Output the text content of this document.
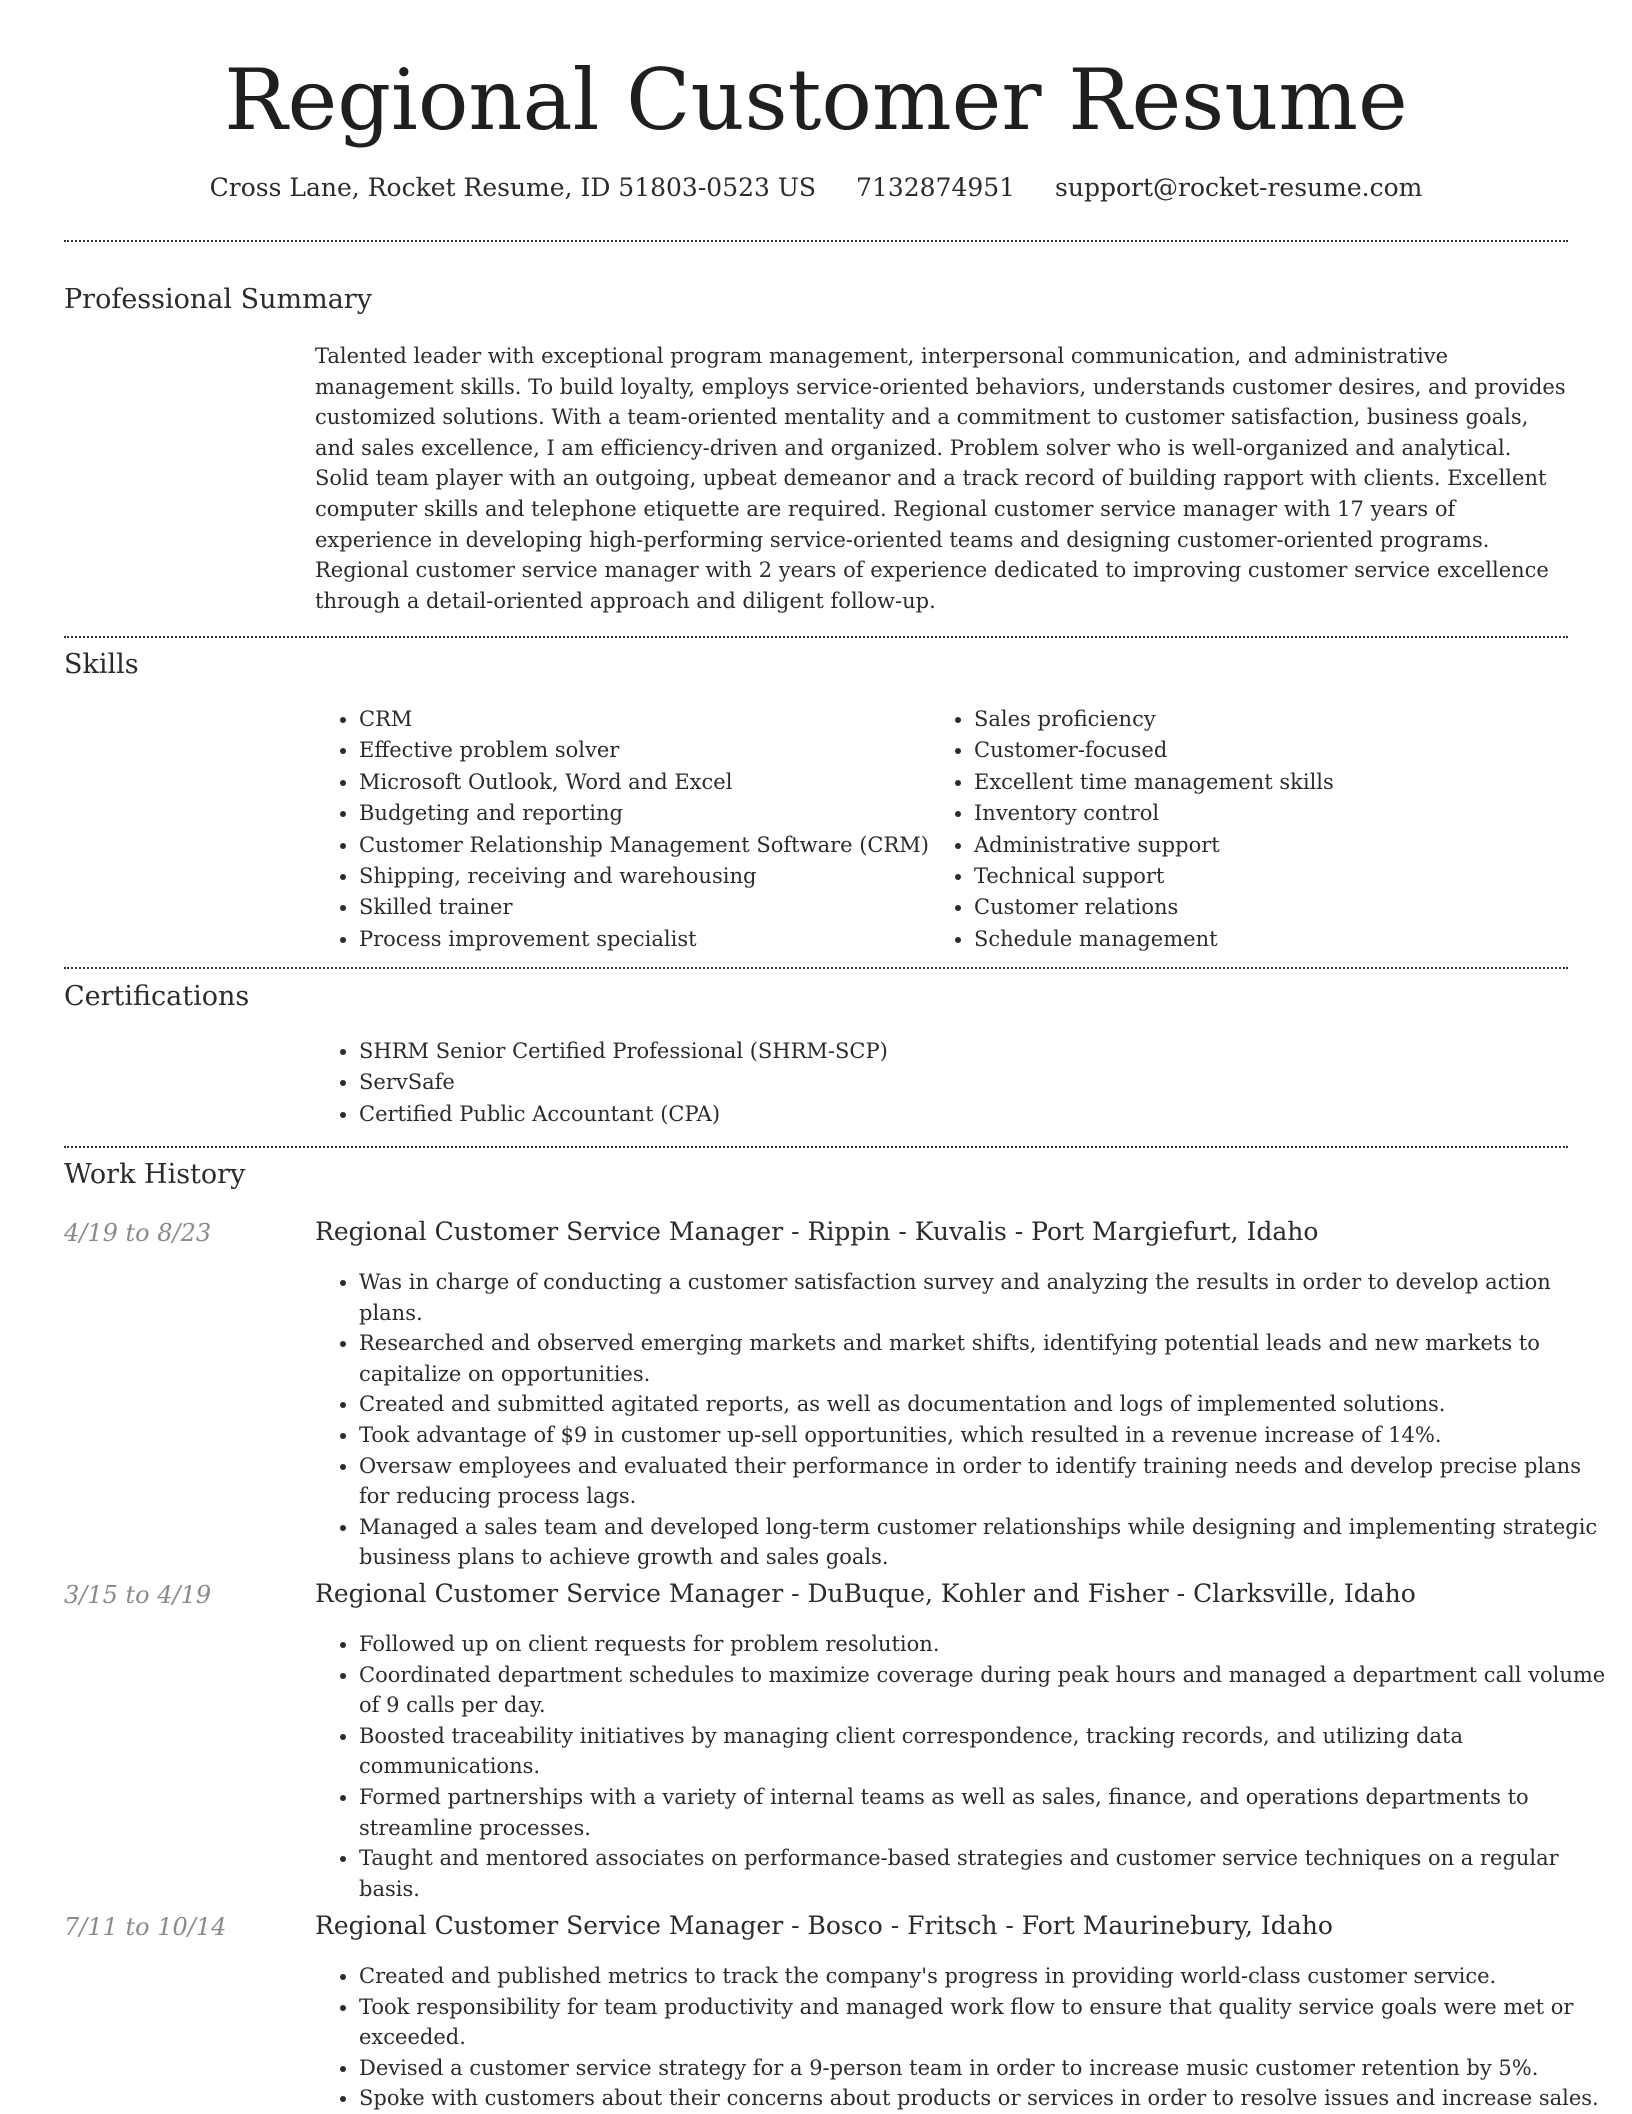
Regional Customer Resume
Cross Lane, Rocket Resume, ID 51803-0523 US 7132874951 support@rocket-resume.com
Professional Summary
Talented leader with exceptional program management, interpersonal communication, and administrative management skills. To build loyalty, employs service-oriented behaviors, understands customer desires, and provides customized solutions. With a team-oriented mentality and a commitment to customer satisfaction, business goals, and sales excellence, I am efficiency-driven and organized. Problem solver who is well-organized and analytical. Solid team player with an outgoing, upbeat demeanor and a track record of building rapport with clients. Excellent computer skills and telephone etiquette are required. Regional customer service manager with 17 years of experience in developing high-performing service-oriented teams and designing customer-oriented programs. Regional customer service manager with 2 years of experience dedicated to improving customer service excellence through a detail-oriented approach and diligent follow-up.
Skills
• CRM
• Effective problem solver
• Microsoft Outlook, Word and Excel
• Budgeting and reporting
• Customer Relationship Management Software (CRM)
• Shipping, receiving and warehousing
• Skilled trainer
• Process improvement specialist
• Sales proficiency
• Customer-focused
• Excellent time management skills
• Inventory control
• Administrative support
• Technical support
• Customer relations
• Schedule management
Certifications
• SHRM Senior Certified Professional (SHRM-SCP)
• ServSafe
• Certified Public Accountant (CPA)
Work History
4/19 to 8/23	Regional Customer Service Manager - Rippin - Kuvalis - Port Margiefurt, Idaho
• Was in charge of conducting a customer satisfaction survey and analyzing the results in order to develop action plans.
• Researched and observed emerging markets and market shifts, identifying potential leads and new markets to capitalize on opportunities.
• Created and submitted agitated reports, as well as documentation and logs of implemented solutions.
• Took advantage of $9 in customer up-sell opportunities, which resulted in a revenue increase of 14%.
• Oversaw employees and evaluated their performance in order to identify training needs and develop precise plans for reducing process lags.
• Managed a sales team and developed long-term customer relationships while designing and implementing strategic business plans to achieve growth and sales goals.
3/15 to 4/19	Regional Customer Service Manager - DuBuque, Kohler and Fisher - Clarksville, Idaho
• Followed up on client requests for problem resolution.
• Coordinated department schedules to maximize coverage during peak hours and managed a department call volume of 9 calls per day.
• Boosted traceability initiatives by managing client correspondence, tracking records, and utilizing data communications.
• Formed partnerships with a variety of internal teams as well as sales, finance, and operations departments to streamline processes.
• Taught and mentored associates on performance-based strategies and customer service techniques on a regular basis.
7/11 to 10/14	Regional Customer Service Manager - Bosco - Fritsch - Fort Maurinebury, Idaho
• Created and published metrics to track the company's progress in providing world-class customer service.
• Took responsibility for team productivity and managed work flow to ensure that quality service goals were met or exceeded.
• Devised a customer service strategy for a 9-person team in order to increase music customer retention by 5%.
• Spoke with customers about their concerns about products or services in order to resolve issues and increase sales.
